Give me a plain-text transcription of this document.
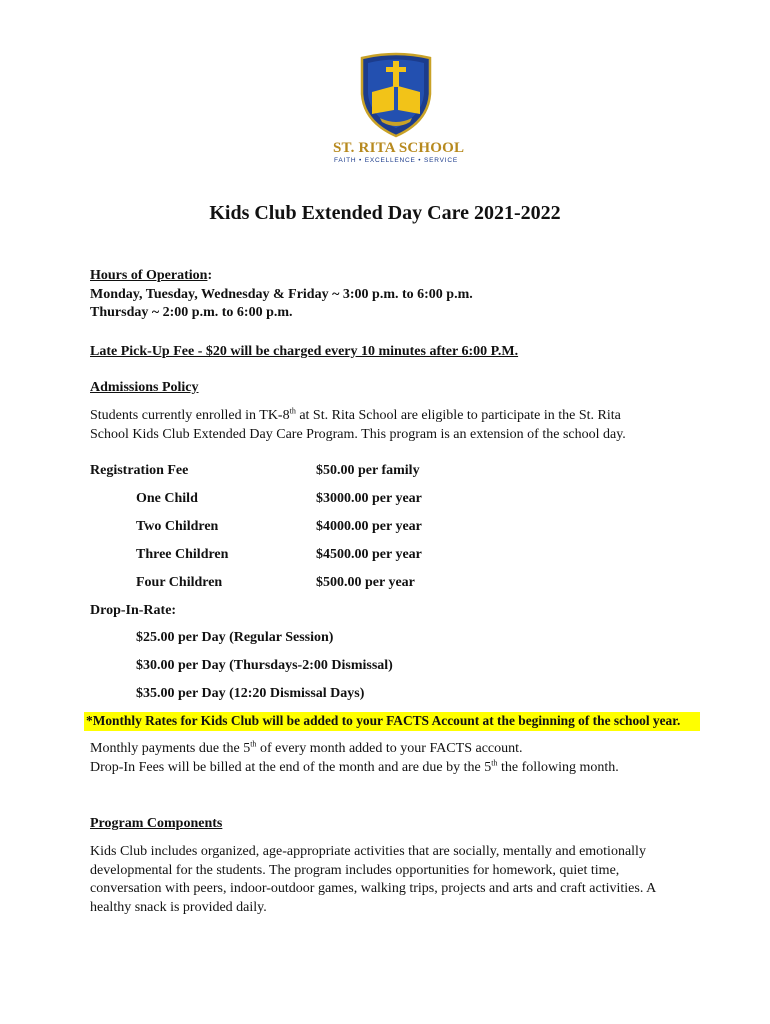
ST. RITA SCHOOL
FAITH • EXCELLENCE • SERVICE
Kids Club Extended Day Care 2021-2022
Hours of Operation:
Monday, Tuesday, Wednesday & Friday ~ 3:00 p.m. to 6:00 p.m.
Thursday ~ 2:00 p.m. to 6:00 p.m.
Late Pick-Up Fee - $20 will be charged every 10 minutes after 6:00 P.M.
Admissions Policy
Students currently enrolled in TK-8th at St. Rita School are eligible to participate in the St. Rita
School Kids Club Extended Day Care Program. This program is an extension of the school day.
Registration Fee	$50.00 per family
One Child	$3000.00 per year
Two Children	$4000.00 per year
Three Children	$4500.00 per year
Four Children	$500.00 per year
Drop-In-Rate:
$25.00 per Day (Regular Session)
$30.00 per Day (Thursdays-2:00 Dismissal)
$35.00 per Day (12:20 Dismissal Days)
*Monthly Rates for Kids Club will be added to your FACTS Account at the beginning of the school year.
Monthly payments due the 5th of every month added to your FACTS account.
Drop-In Fees will be billed at the end of the month and are due by the 5th the following month.
Program Components
Kids Club includes organized, age-appropriate activities that are socially, mentally and emotionally
developmental for the students. The program includes opportunities for homework, quiet time,
conversation with peers, indoor-outdoor games, walking trips, projects and arts and craft activities. A
healthy snack is provided daily.
